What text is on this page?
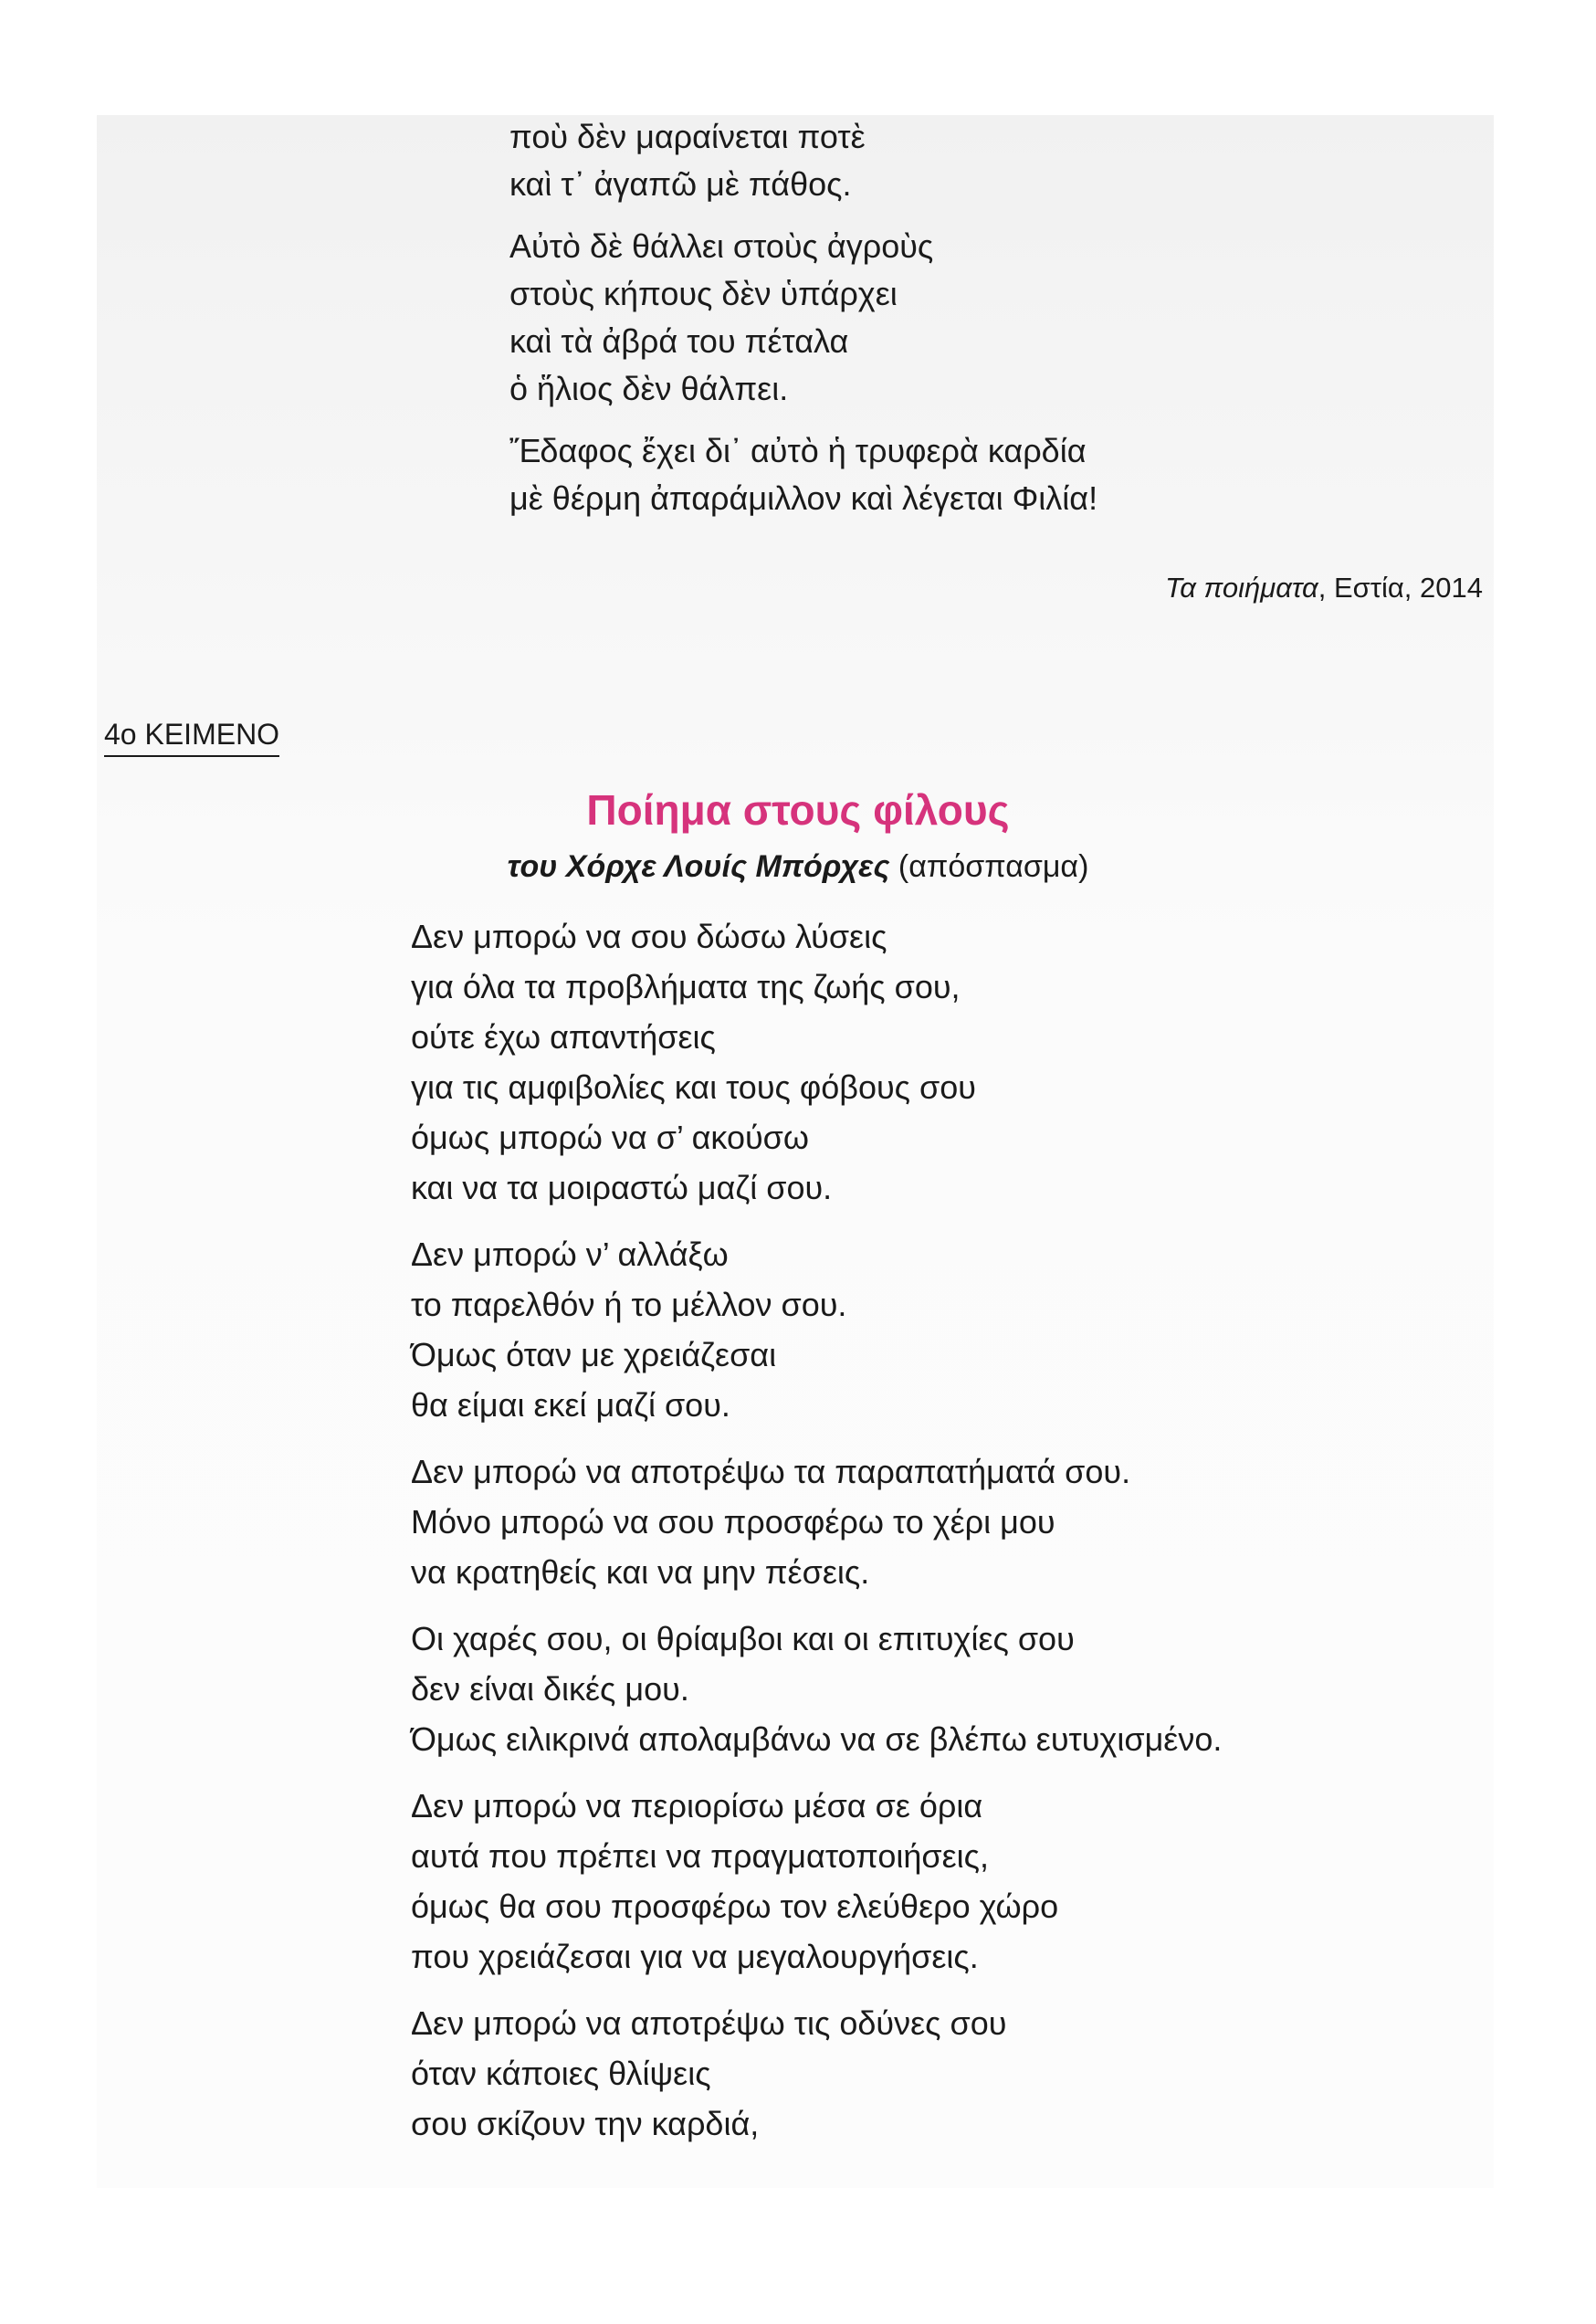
ποὺ δὲν μαραίνεται ποτὲ
καὶ τ᾽ ἀγαπῶ μὲ πάθος.
Αὐτὸ δὲ θάλλει στοὺς ἀγροὺς
στοὺς κήπους δὲν ὑπάρχει
καὶ τὰ ἀβρά του πέταλα
ὁ ἥλιος δὲν θάλπει.
Ἔδαφος ἔχει δι᾽ αὐτὸ ἡ τρυφερὰ καρδία
μὲ θέρμη ἀπαράμιλλον καὶ λέγεται Φιλία!
Τα ποιήματα, Εστία, 2014
4ο ΚΕΙΜΕΝΟ
Ποίημα στους φίλους
του Χόρχε Λουίς Μπόρχες (απόσπασμα)
Δεν μπορώ να σου δώσω λύσεις
για όλα τα προβλήματα της ζωής σου,
ούτε έχω απαντήσεις
για τις αμφιβολίες και τους φόβους σου
όμως μπορώ να σ’ ακούσω
και να τα μοιραστώ μαζί σου.
Δεν μπορώ ν’ αλλάξω
το παρελθόν ή το μέλλον σου.
Όμως όταν με χρειάζεσαι
θα είμαι εκεί μαζί σου.
Δεν μπορώ να αποτρέψω τα παραπατήματά σου.
Μόνο μπορώ να σου προσφέρω το χέρι μου
να κρατηθείς και να μην πέσεις.
Οι χαρές σου, οι θρίαμβοι και οι επιτυχίες σου
δεν είναι δικές μου.
Όμως ειλικρινά απολαμβάνω να σε βλέπω ευτυχισμένο.
Δεν μπορώ να περιορίσω μέσα σε όρια
αυτά που πρέπει να πραγματοποιήσεις,
όμως θα σου προσφέρω τον ελεύθερο χώρο
που χρειάζεσαι για να μεγαλουργήσεις.
Δεν μπορώ να αποτρέψω τις οδύνες σου
όταν κάποιες θλίψεις
σου σκίζουν την καρδιά,
